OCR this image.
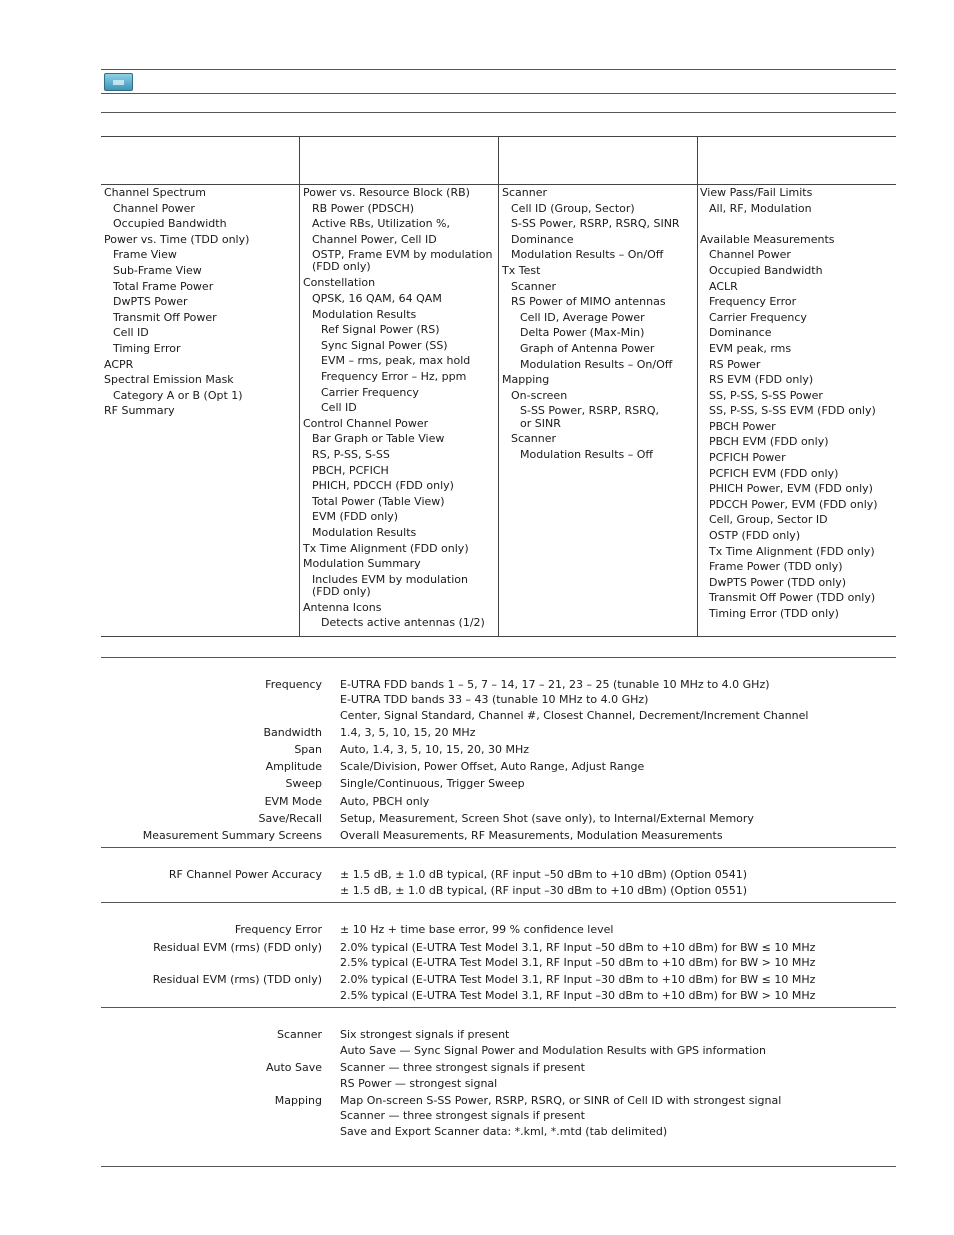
Channel Spectrum
Channel Power
Occupied Bandwidth
Power vs. Time (TDD only)
Frame View
Sub-Frame View
Total Frame Power
DwPTS Power
Transmit Off Power
Cell ID
Timing Error
ACPR
Spectral Emission Mask
Category A or B (Opt 1)
RF Summary
Power vs. Resource Block (RB)
RB Power (PDSCH)
Active RBs, Utilization %,
Channel Power, Cell ID
OSTP, Frame EVM by modulation
(FDD only)
Constellation
QPSK, 16 QAM, 64 QAM
Modulation Results
Ref Signal Power (RS)
Sync Signal Power (SS)
EVM – rms, peak, max hold
Frequency Error – Hz, ppm
Carrier Frequency
Cell ID
Control Channel Power
Bar Graph or Table View
RS, P-SS, S-SS
PBCH, PCFICH
PHICH, PDCCH (FDD only)
Total Power (Table View)
EVM (FDD only)
Modulation Results
Tx Time Alignment (FDD only)
Modulation Summary
Includes EVM by modulation
(FDD only)
Antenna Icons
Detects active antennas (1/2)
Scanner
Cell ID (Group, Sector)
S-SS Power, RSRP, RSRQ, SINR
Dominance
Modulation Results – On/Off
Tx Test
Scanner
RS Power of MIMO antennas
Cell ID, Average Power
Delta Power (Max-Min)
Graph of Antenna Power
Modulation Results – On/Off
Mapping
On-screen
S-SS Power, RSRP, RSRQ,
or SINR
Scanner
Modulation Results – Off
View Pass/Fail Limits
All, RF, Modulation
Available Measurements
Channel Power
Occupied Bandwidth
ACLR
Frequency Error
Carrier Frequency
Dominance
EVM peak, rms
RS Power
RS EVM (FDD only)
SS, P-SS, S-SS Power
SS, P-SS, S-SS EVM (FDD only)
PBCH Power
PBCH EVM (FDD only)
PCFICH Power
PCFICH EVM (FDD only)
PHICH Power, EVM (FDD only)
PDCCH Power, EVM (FDD only)
Cell, Group, Sector ID
OSTP (FDD only)
Tx Time Alignment (FDD only)
Frame Power (TDD only)
DwPTS Power (TDD only)
Transmit Off Power (TDD only)
Timing Error (TDD only)
Frequency E-UTRA FDD bands 1 – 5, 7 – 14, 17 – 21, 23 – 25 (tunable 10 MHz to 4.0 GHz)
E-UTRA TDD bands 33 – 43 (tunable 10 MHz to 4.0 GHz)
Center, Signal Standard, Channel #, Closest Channel, Decrement/Increment Channel
Bandwidth 1.4, 3, 5, 10, 15, 20 MHz
Span Auto, 1.4, 3, 5, 10, 15, 20, 30 MHz
Amplitude Scale/Division, Power Offset, Auto Range, Adjust Range
Sweep Single/Continuous, Trigger Sweep
EVM Mode Auto, PBCH only
Save/Recall Setup, Measurement, Screen Shot (save only), to Internal/External Memory
Measurement Summary Screens Overall Measurements, RF Measurements, Modulation Measurements
RF Channel Power Accuracy ± 1.5 dB, ± 1.0 dB typical, (RF input –50 dBm to +10 dBm) (Option 0541)
± 1.5 dB, ± 1.0 dB typical, (RF input –30 dBm to +10 dBm) (Option 0551)
Frequency Error ± 10 Hz + time base error, 99 % confidence level
Residual EVM (rms) (FDD only) 2.0% typical (E-UTRA Test Model 3.1, RF Input –50 dBm to +10 dBm) for BW ≤ 10 MHz
2.5% typical (E-UTRA Test Model 3.1, RF Input –50 dBm to +10 dBm) for BW > 10 MHz
Residual EVM (rms) (TDD only) 2.0% typical (E-UTRA Test Model 3.1, RF Input –30 dBm to +10 dBm) for BW ≤ 10 MHz
2.5% typical (E-UTRA Test Model 3.1, RF Input –30 dBm to +10 dBm) for BW > 10 MHz
Scanner Six strongest signals if present
Auto Save — Sync Signal Power and Modulation Results with GPS information
Auto Save Scanner — three strongest signals if present
RS Power — strongest signal
Mapping Map On-screen S-SS Power, RSRP, RSRQ, or SINR of Cell ID with strongest signal
Scanner — three strongest signals if present
Save and Export Scanner data: *.kml, *.mtd (tab delimited)
